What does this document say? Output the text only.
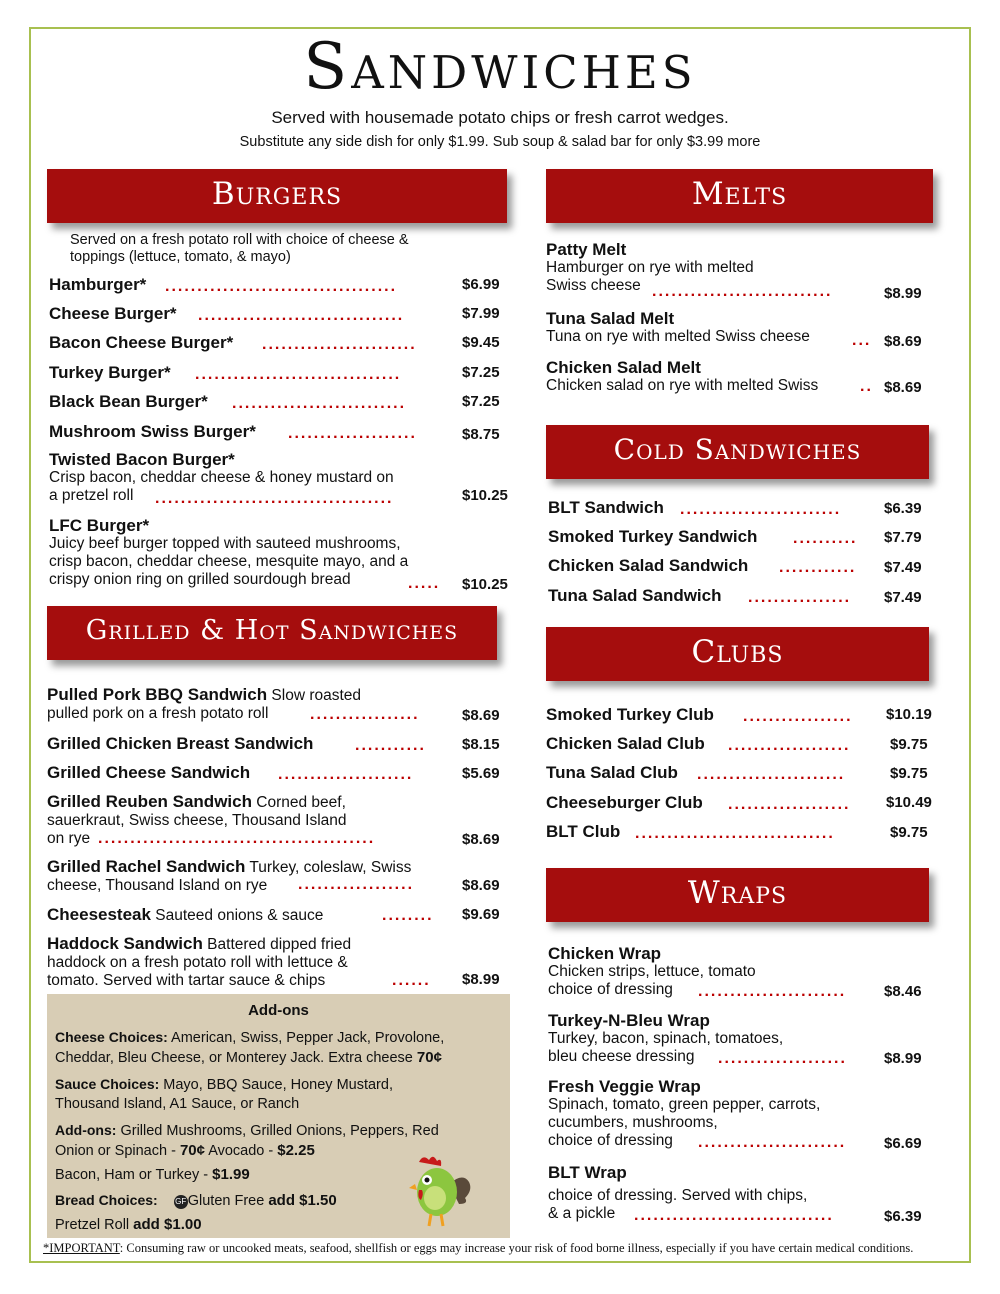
Sandwiches
Served with housemade potato chips or fresh carrot wedges.
Substitute any side dish for only $1.99. Sub soup & salad bar for only $3.99 more
Burgers
Served on a fresh potato roll with choice of cheese &
toppings (lettuce, tomato, & mayo)
Hamburger* ....................................	$6.99
Cheese Burger* ................................	$7.99
Bacon Cheese Burger* ........................	$9.45
Turkey Burger* ................................	$7.25
Black Bean Burger* ...........................	$7.25
Mushroom Swiss Burger* ....................	$8.75
Twisted Bacon Burger*
Crisp bacon, cheddar cheese & honey mustard on
a pretzel roll	.....................................	$10.25
LFC Burger*
Juicy beef burger topped with sauteed mushrooms,
crisp bacon, cheddar cheese, mesquite mayo, and a
crispy onion ring on grilled sourdough bread	.....	$10.25
Grilled & Hot Sandwiches
Pulled Pork BBQ Sandwich Slow roasted
pulled pork on a fresh potato roll	.................	$8.69
Grilled Chicken Breast Sandwich	...........	$8.15
Grilled Cheese Sandwich .....................	$5.69
Grilled Reuben Sandwich Corned beef,
sauerkraut, Swiss cheese, Thousand Island
on rye ...........................................	$8.69
Grilled Rachel Sandwich Turkey, coleslaw, Swiss
cheese, Thousand Island on rye	..................	$8.69
Cheesesteak Sauteed onions & sauce	........	$9.69
Haddock Sandwich Battered dipped fried
haddock on a fresh potato roll with lettuce &
tomato. Served with tartar sauce & chips	......	$8.99
Add-ons
Cheese Choices: American, Swiss, Pepper Jack, Provolone,
Cheddar, Bleu Cheese, or Monterey Jack. Extra cheese 70¢
Sauce Choices: Mayo, BBQ Sauce, Honey Mustard,
Thousand Island, A1 Sauce, or Ranch
Add-ons: Grilled Mushrooms, Grilled Onions, Peppers, Red
Onion or Spinach - 70¢ Avocado - $2.25
Bacon, Ham or Turkey - $1.99
Bread Choices: GFGluten Free add $1.50
Pretzel Roll add $1.00
Melts
Patty Melt
Hamburger on rye with melted
Swiss cheese ............................	$8.99
Tuna Salad Melt
Tuna on rye with melted Swiss cheese	... $8.69
Chicken Salad Melt
Chicken salad on rye with melted Swiss	.. $8.69
Cold Sandwiches
BLT Sandwich .........................	$6.39
Smoked Turkey Sandwich ..........	$7.79
Chicken Salad Sandwich ............	$7.49
Tuna Salad Sandwich ................	$7.49
Clubs
Smoked Turkey Club .................	$10.19
Chicken Salad Club ...................	$9.75
Tuna Salad Club .......................	$9.75
Cheeseburger Club ...................	$10.49
BLT Club ...............................	$9.75
Wraps
Chicken Wrap
Chicken strips, lettuce, tomato
choice of dressing	.......................	$8.46
Turkey-N-Bleu Wrap
Turkey, bacon, spinach, tomatoes,
bleu cheese dressing	....................	$8.99
Fresh Veggie Wrap
Spinach, tomato, green pepper, carrots,
cucumbers, mushrooms,
choice of dressing	.......................	$6.69
BLT Wrap
choice of dressing. Served with chips,
& a pickle	...............................	$6.39
*IMPORTANT: Consuming raw or uncooked meats, seafood, shellfish or eggs may increase your risk of food borne illness, especially if you have certain medical conditions.
